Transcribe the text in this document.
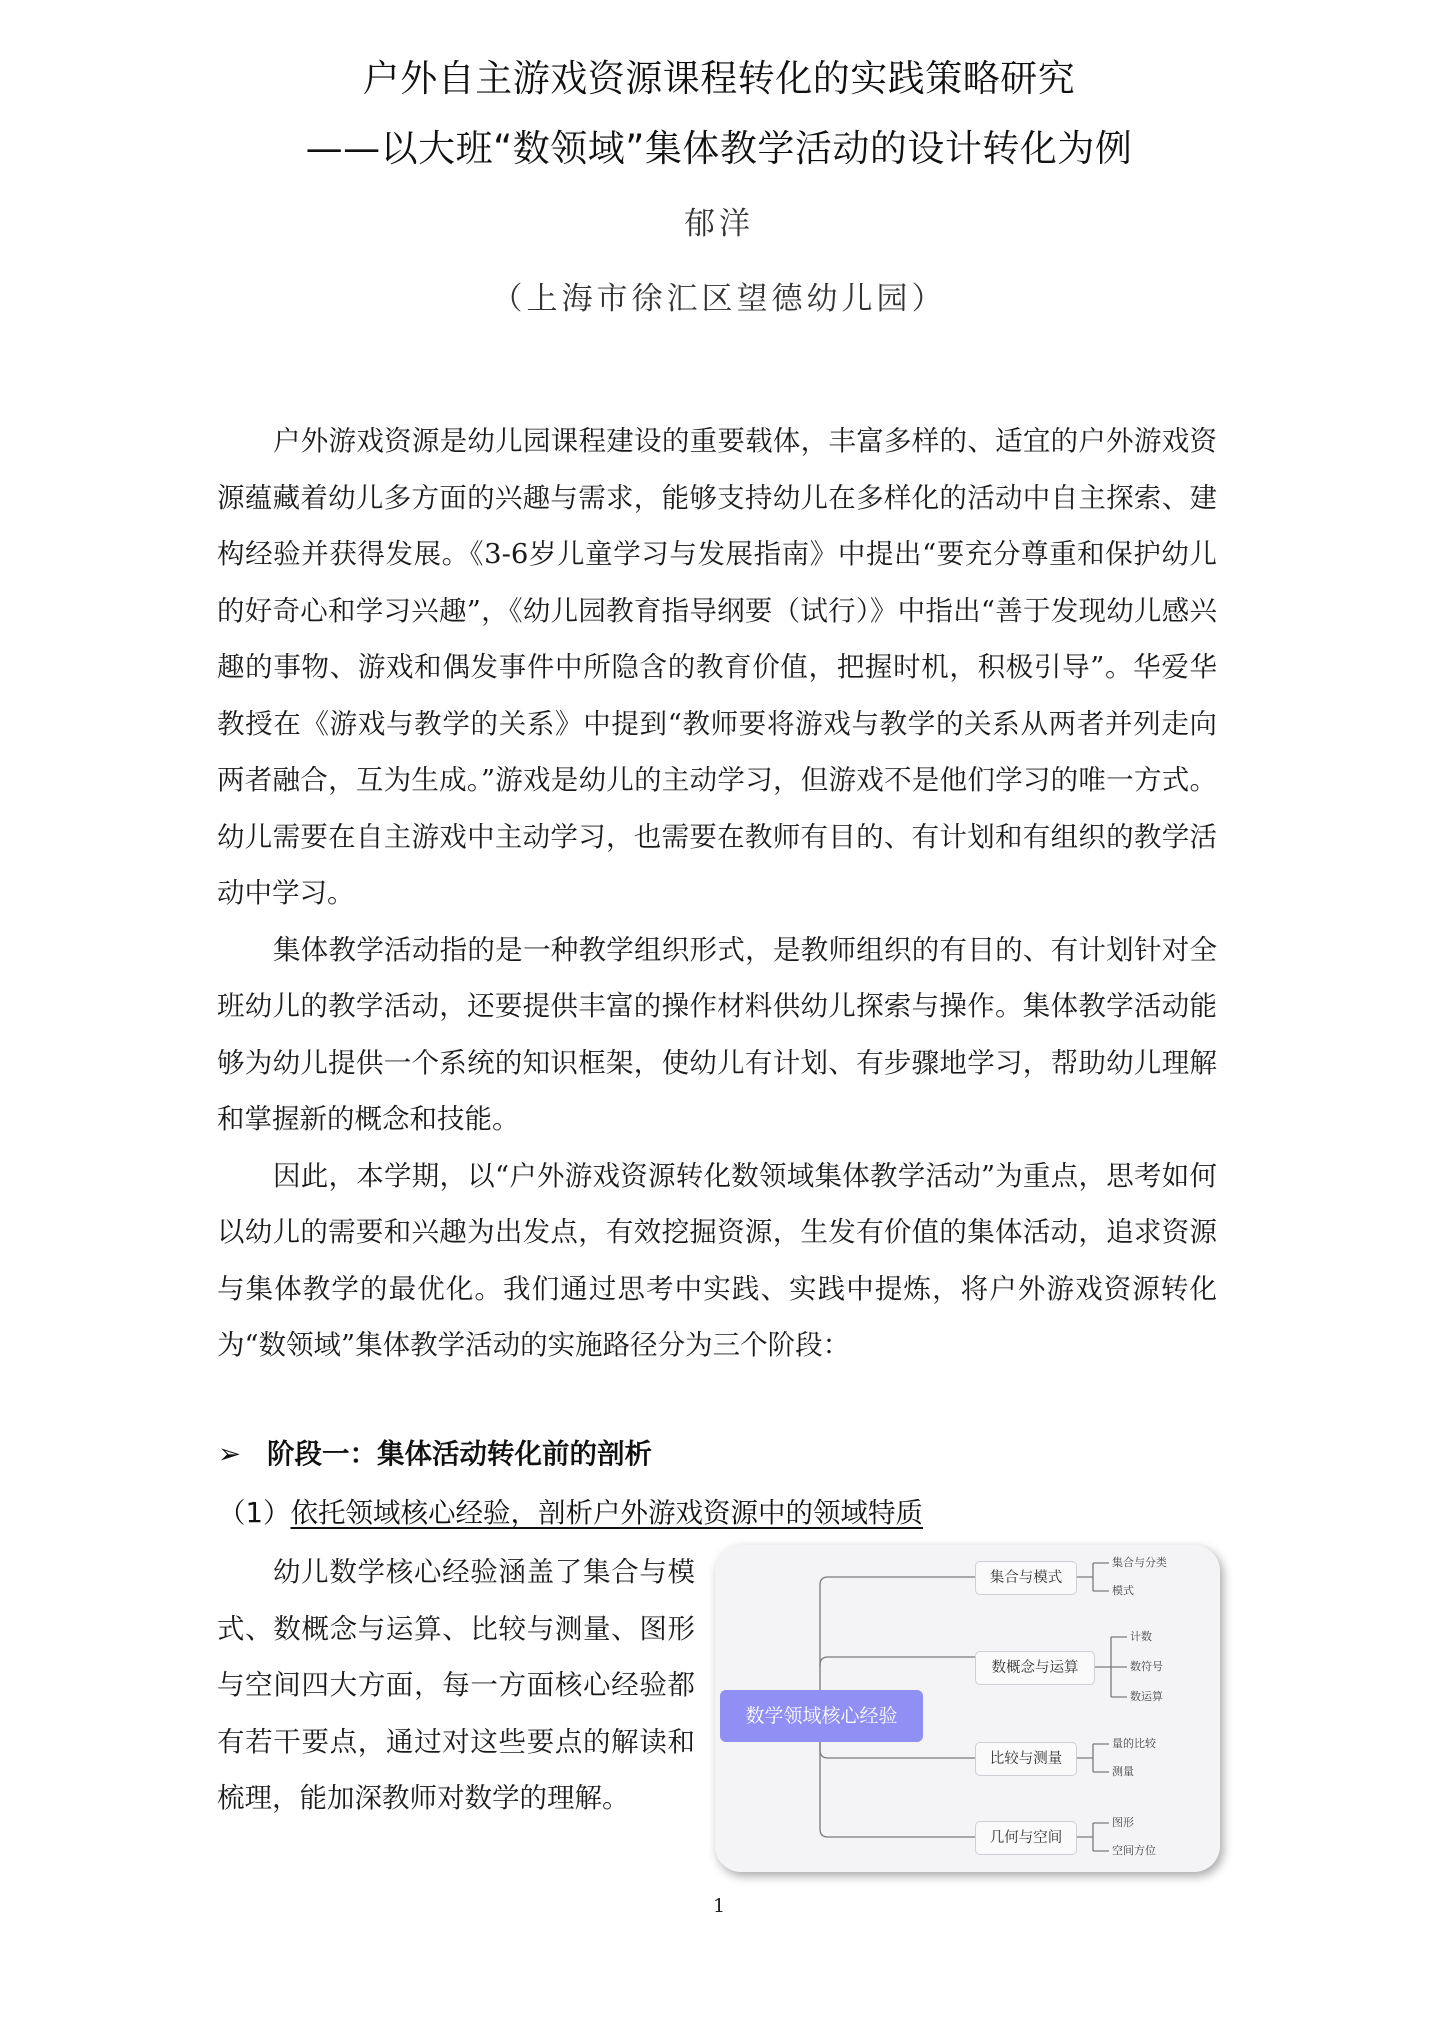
户外自主游戏资源课程转化的实践策略研究
——以大班“数领域”集体教学活动的设计转化为例
郁洋
（上海市徐汇区望德幼儿园）

户外游戏资源是幼儿园课程建设的重要载体，丰富多样的、适宜的户外游戏资源蕴藏着幼儿多方面的兴趣与需求，能够支持幼儿在多样化的活动中自主探索、建构经验并获得发展。《3-6岁儿童学习与发展指南》中提出“要充分尊重和保护幼儿的好奇心和学习兴趣”，《幼儿园教育指导纲要（试行）》中指出“善于发现幼儿感兴趣的事物、游戏和偶发事件中所隐含的教育价值，把握时机，积极引导”。华爱华教授在《游戏与教学的关系》中提到“教师要将游戏与教学的关系从两者并列走向两者融合，互为生成。”游戏是幼儿的主动学习，但游戏不是他们学习的唯一方式。幼儿需要在自主游戏中主动学习，也需要在教师有目的、有计划和有组织的教学活动中学习。

集体教学活动指的是一种教学组织形式，是教师组织的有目的、有计划针对全班幼儿的教学活动，还要提供丰富的操作材料供幼儿探索与操作。集体教学活动能够为幼儿提供一个系统的知识框架，使幼儿有计划、有步骤地学习，帮助幼儿理解和掌握新的概念和技能。

因此，本学期，以“户外游戏资源转化数领域集体教学活动”为重点，思考如何以幼儿的需要和兴趣为出发点，有效挖掘资源，生发有价值的集体活动，追求资源与集体教学的最优化。我们通过思考中实践、实践中提炼，将户外游戏资源转化为“数领域”集体教学活动的实施路径分为三个阶段：

➢ 阶段一：集体活动转化前的剖析
（1）依托领域核心经验，剖析户外游戏资源中的领域特质

幼儿数学核心经验涵盖了集合与模式、数概念与运算、比较与测量、图形与空间四大方面，每一方面核心经验都有若干要点，通过对这些要点的解读和梳理，能加深教师对数学的理解。

数学领域核心经验
集合与模式
集合与分类
模式
数概念与运算
计数
数符号
数运算
比较与测量
量的比较
测量
几何与空间
图形
空间方位
1
